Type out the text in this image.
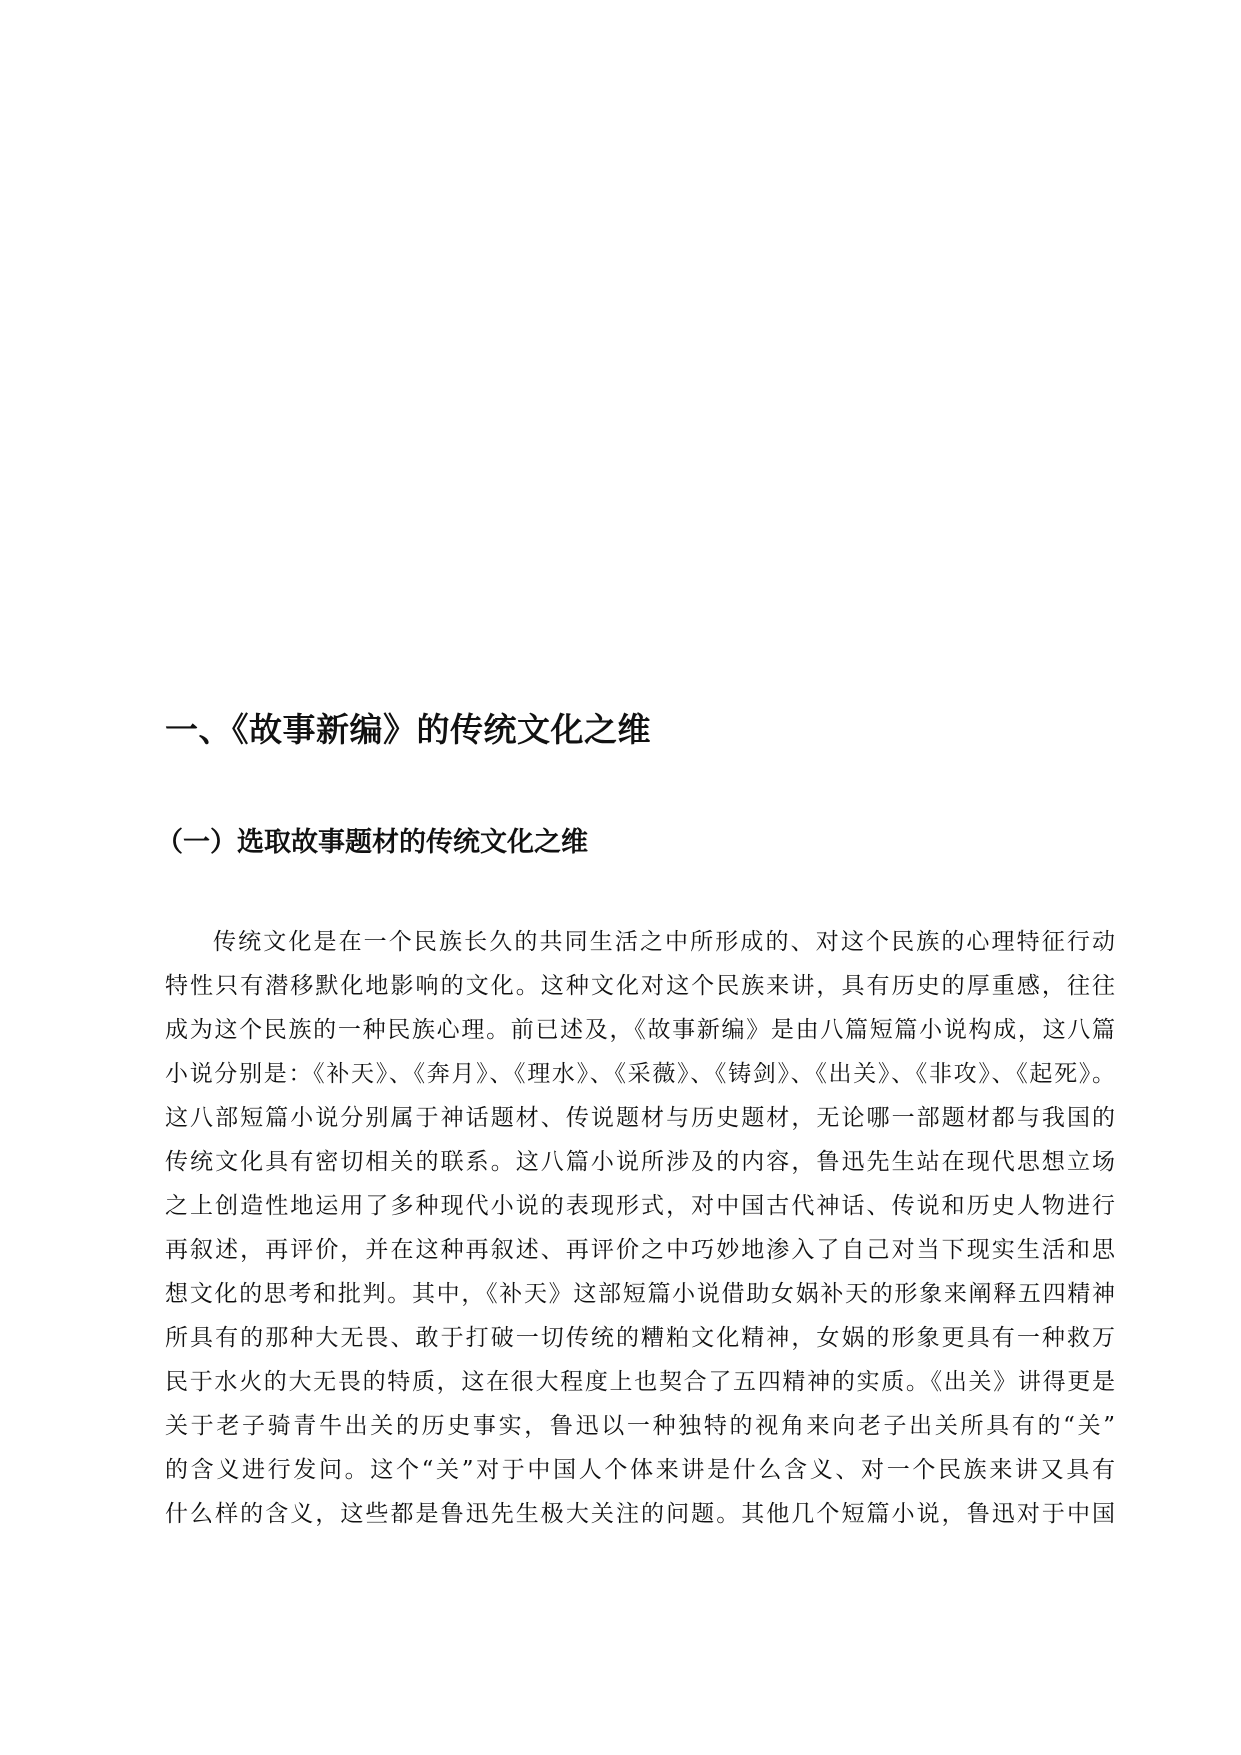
一、《故事新编》的传统文化之维
（一）选取故事题材的传统文化之维
传统文化是在一个民族长久的共同生活之中所形成的、对这个民族的心理特征行动
特性只有潜移默化地影响的文化。这种文化对这个民族来讲，具有历史的厚重感，往往
成为这个民族的一种民族心理。前已述及，《故事新编》是由八篇短篇小说构成，这八篇
小说分别是：《补天》、《奔月》、《理水》、《采薇》、《铸剑》、《出关》、《非攻》、《起死》。
这八部短篇小说分别属于神话题材、传说题材与历史题材，无论哪一部题材都与我国的
传统文化具有密切相关的联系。这八篇小说所涉及的内容，鲁迅先生站在现代思想立场
之上创造性地运用了多种现代小说的表现形式，对中国古代神话、传说和历史人物进行
再叙述，再评价，并在这种再叙述、再评价之中巧妙地渗入了自己对当下现实生活和思
想文化的思考和批判。其中，《补天》这部短篇小说借助女娲补天的形象来阐释五四精神
所具有的那种大无畏、敢于打破一切传统的糟粕文化精神，女娲的形象更具有一种救万
民于水火的大无畏的特质，这在很大程度上也契合了五四精神的实质。《出关》讲得更是
关于老子骑青牛出关的历史事实，鲁迅以一种独特的视角来向老子出关所具有的“关”
的含义进行发问。这个“关”对于中国人个体来讲是什么含义、对一个民族来讲又具有
什么样的含义，这些都是鲁迅先生极大关注的问题。其他几个短篇小说，鲁迅对于中国
